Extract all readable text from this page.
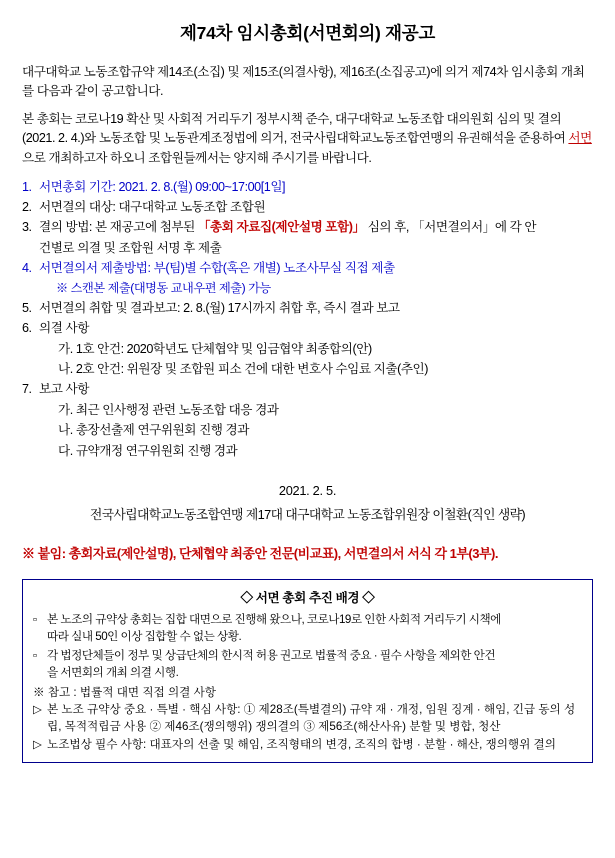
제74차 임시총회(서면회의) 재공고
대구대학교 노동조합규약 제14조(소집) 및 제15조(의결사항), 제16조(소집공고)에 의거 제74차 임시총회 개최를 다음과 같이 공고합니다.
본 총회는 코로나19 확산 및 사회적 거리두기 정부시책 준수, 대구대학교 노동조합 대의원회 심의 및 결의(2021. 2. 4.)와 노동조합 및 노동관계조정법에 의거, 전국사립대학교노동조합연맹의 유권해석을 준용하여 서면으로 개최하고자 하오니 조합원들께서는 양지해 주시기를 바랍니다.
1. 서면총회 기간: 2021. 2. 8.(월) 09:00~17:00[1일]
2. 서면결의 대상: 대구대학교 노동조합 조합원
3. 결의 방법: 본 재공고에 첨부된 「총회 자료집(제안설명 포함)」 심의 후, 「서면결의서」에 각 안
건별로 의결 및 조합원 서명 후 제출
4. 서면결의서 제출방법: 부(팀)별 수합(혹은 개별) 노조사무실 직접 제출
※ 스캔본 제출(대명동 교내우편 제출) 가능
5. 서면결의 취합 및 결과보고: 2. 8.(월) 17시까지 취합 후, 즉시 결과 보고
6. 의결 사항
가. 1호 안건: 2020학년도 단체협약 및 임금협약 최종합의(안)
나. 2호 안건: 위원장 및 조합원 피소 건에 대한 변호사 수임료 지출(추인)
7. 보고 사항
가. 최근 인사행정 관련 노동조합 대응 경과
나. 총장선출제 연구위원회 진행 경과
다. 규약개정 연구위원회 진행 경과
2021. 2. 5.
전국사립대학교노동조합연맹 제17대 대구대학교 노동조합위원장 이철환(직인 생략)
※ 붙임: 총회자료(제안설명), 단체협약 최종안 전문(비교표), 서면결의서 서식 각 1부(3부).
◇ 서면 총회 추진 배경 ◇
▫ 본 노조의 규약상 총회는 집합 대면으로 진행해 왔으나, 코로나19로 인한 사회적 거리두기 시책에
따라 실내 50인 이상 집합할 수 없는 상황.
▫ 각 법정단체들이 정부 및 상급단체의 한시적 허용 권고로 법률적 중요 · 필수 사항을 제외한 안건
을 서면회의 개최 의결 시행.
※ 참고 : 법률적 대면 직접 의결 사항
▷ 본 노조 규약상 중요 · 특별 · 핵심 사항: ① 제28조(특별결의) 규약 재 · 개정, 임원 징계 · 해임, 긴급 동의 성립, 목적적립금 사용 ② 제46조(쟁의행위) 쟁의결의 ③ 제56조(해산사유) 분할 및 병합, 청산
▷ 노조법상 필수 사항: 대표자의 선출 및 해임, 조직형태의 변경, 조직의 합병 · 분할 · 해산, 쟁의행위 결의
